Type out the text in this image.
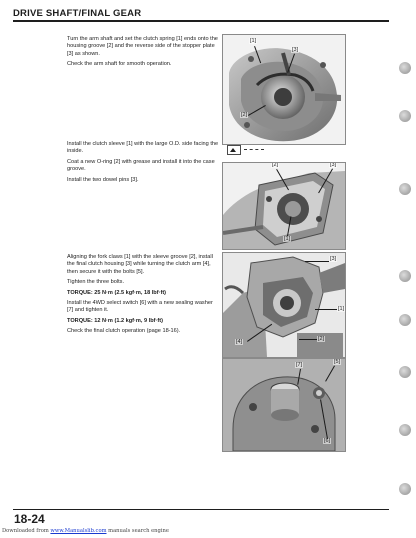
DRIVE SHAFT/FINAL GEAR

Turn the arm shaft and set the clutch spring [1] ends onto the housing groove [2] and the reverse side of the stopper plate [3] as shown.

Check the arm shaft for smooth operation.

[1]
[3]
[2]

Install the clutch sleeve [1] with the large O.D. side facing the inside.

Coat a new O-ring [2] with grease and install it into the case groove.

Install the two dowel pins [3].

[2]	[3]
[1]

Aligning the fork claws [1] with the sleeve groove [2], install the final clutch housing [3] while turning the clutch arm [4], then secure it with the bolts [5].

Tighten the three bolts.

TORQUE: 25 N·m (2.5 kgf·m, 18 lbf·ft)

Install the 4WD select switch [6] with a new sealing washer [7] and tighten it.

TORQUE: 12 N·m (1.2 kgf·m, 9 lbf·ft)

Check the final clutch operation (page 18-16).

[3]
[1]
[4]	[2]
[7]	[5]
[6]
18-24
Downloaded from www.Manualslib.com manuals search engine
